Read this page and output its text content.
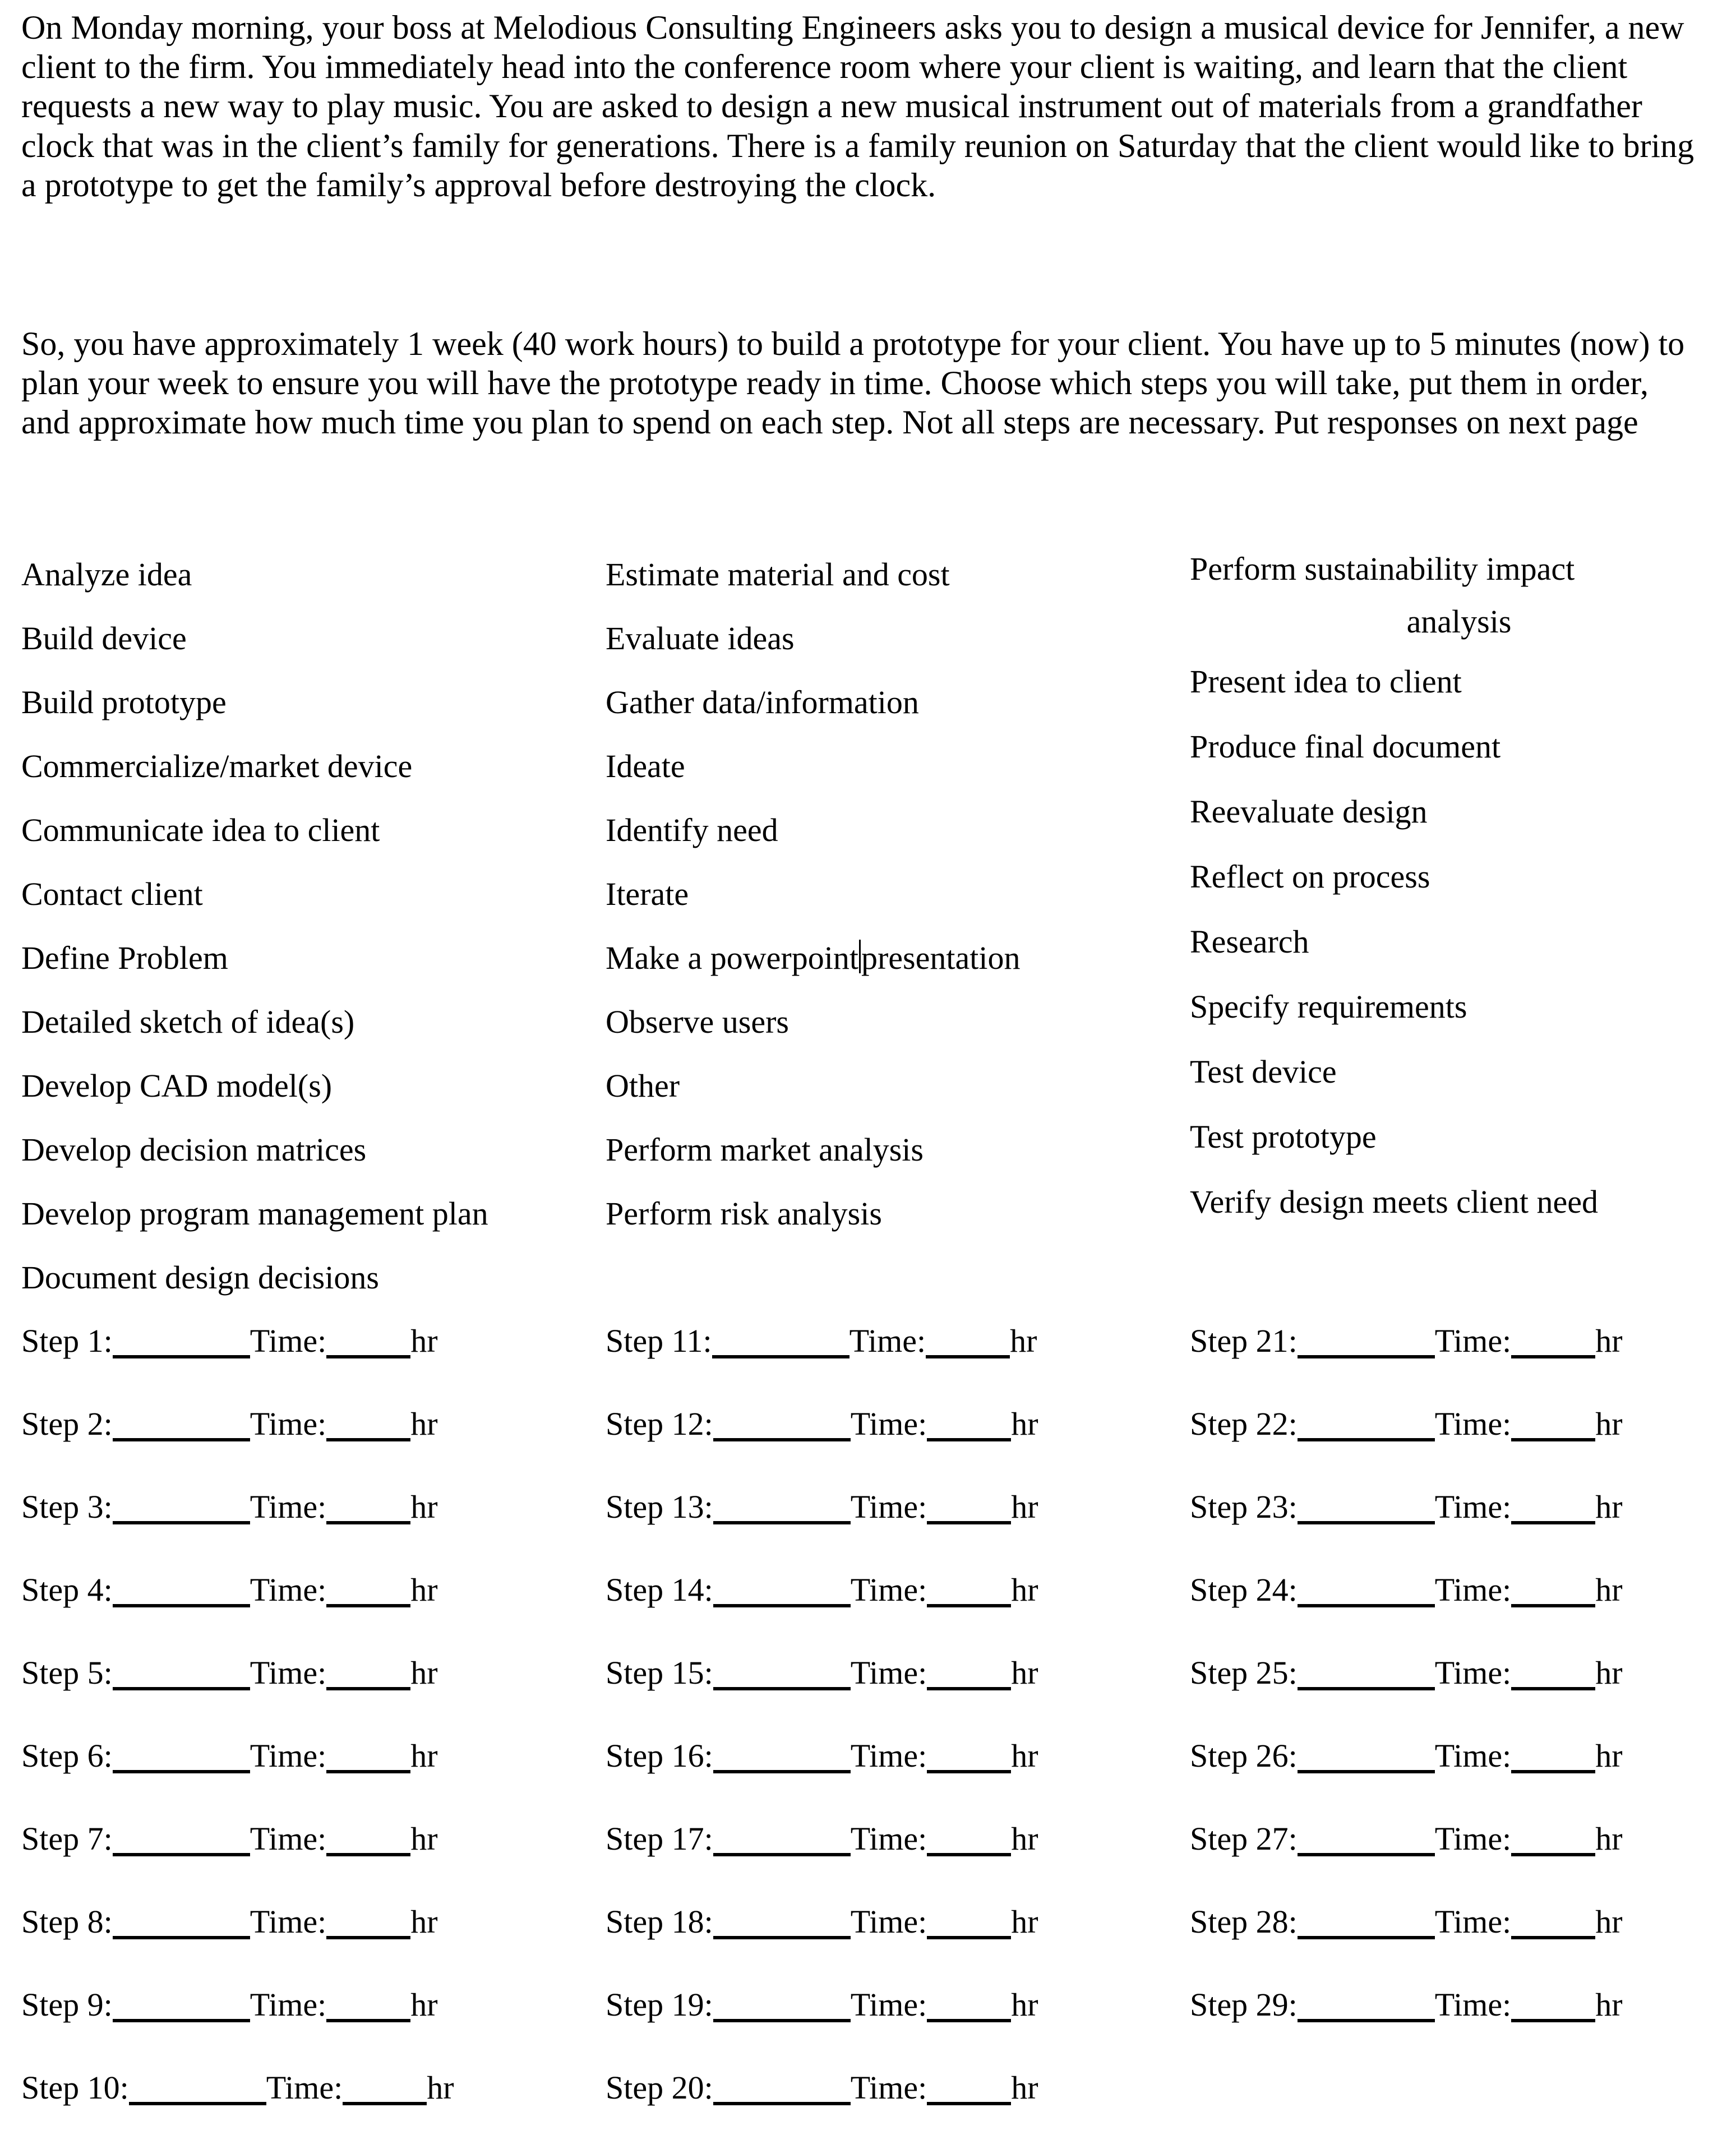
On Monday morning, your boss at Melodious Consulting Engineers asks you to design a musical device for Jennifer, a new client to the firm. You immediately head into the conference room where your client is waiting, and learn that the client requests a new way to play music. You are asked to design a new musical instrument out of materials from a grandfather clock that was in the client’s family for generations. There is a family reunion on Saturday that the client would like to bring a prototype to get the family’s approval before destroying the clock.
So, you have approximately 1 week (40 work hours) to build a prototype for your client. You have up to 5 minutes (now) to plan your week to ensure you will have the prototype ready in time. Choose which steps you will take, put them in order, and approximate how much time you plan to spend on each step. Not all steps are necessary. Put responses on next page
Analyze idea
Build device
Build prototype
Commercialize/market device
Communicate idea to client
Contact client
Define Problem
Detailed sketch of idea(s)
Develop CAD model(s)
Develop decision matrices
Develop program management plan
Document design decisions
Estimate material and cost
Evaluate ideas
Gather data/information
Ideate
Identify need
Iterate
Make a powerpointpresentation
Observe users
Other
Perform market analysis
Perform risk analysis
Perform sustainability impact
analysis
Present idea to client
Produce final document
Reevaluate design
Reflect on process
Research
Specify requirements
Test device
Test prototype
Verify design meets client need
Step 1:	Time:	hr
Step 2:	Time:	hr
Step 3:	Time:	hr
Step 4:	Time:	hr
Step 5:	Time:	hr
Step 6:	Time:	hr
Step 7:	Time:	hr
Step 8:	Time:	hr
Step 9:	Time:	hr
Step 10:	Time:	hr
Step 11:	Time:	hr
Step 12:	Time:	hr
Step 13:	Time:	hr
Step 14:	Time:	hr
Step 15:	Time:	hr
Step 16:	Time:	hr
Step 17:	Time:	hr
Step 18:	Time:	hr
Step 19:	Time:	hr
Step 20:	Time:	hr
Step 21:	Time:	hr
Step 22:	Time:	hr
Step 23:	Time:	hr
Step 24:	Time:	hr
Step 25:	Time:	hr
Step 26:	Time:	hr
Step 27:	Time:	hr
Step 28:	Time:	hr
Step 29:	Time:	hr
